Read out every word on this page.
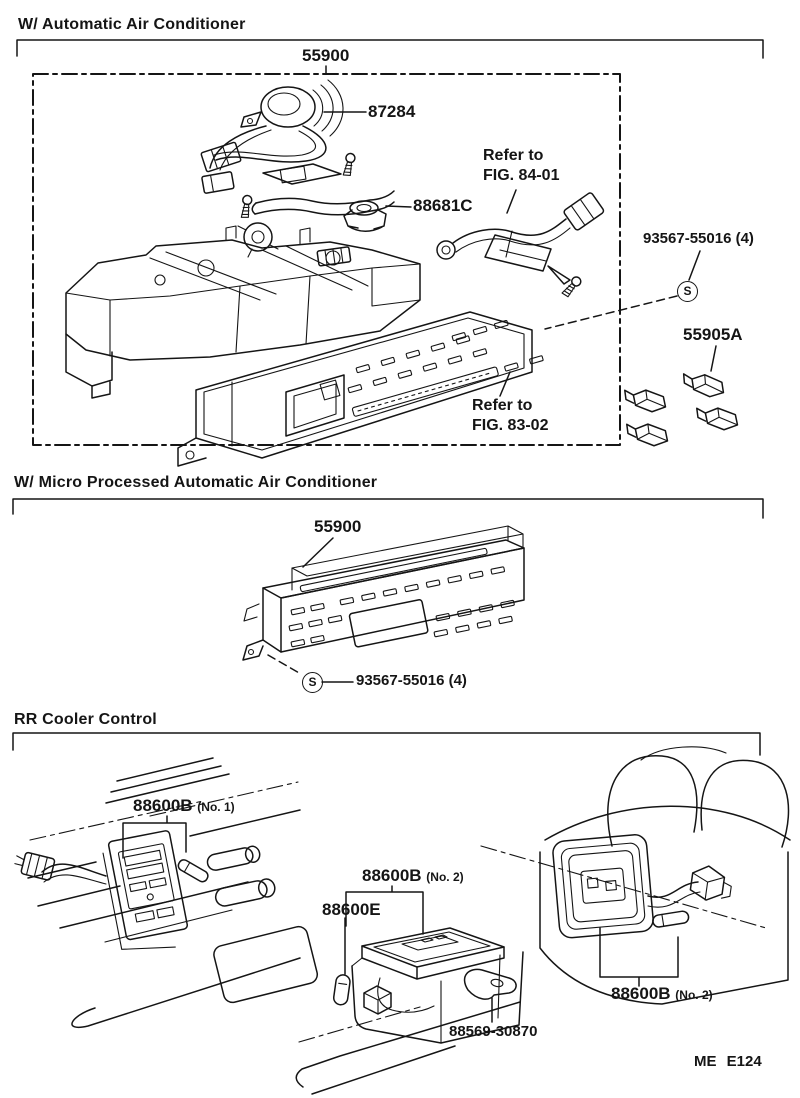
W/ Automatic Air Conditioner
55900
87284
Refer to
FIG. 84-01
88681C
93567-55016 (4)
S
55905A
Refer to
FIG. 83-02
W/ Micro Processed Automatic Air Conditioner
55900
S	93567-55016 (4)
RR Cooler Control
88600B (No. 1)
88600B (No. 2)
88600E
88569-30870
88600B (No. 2)
ME E124
